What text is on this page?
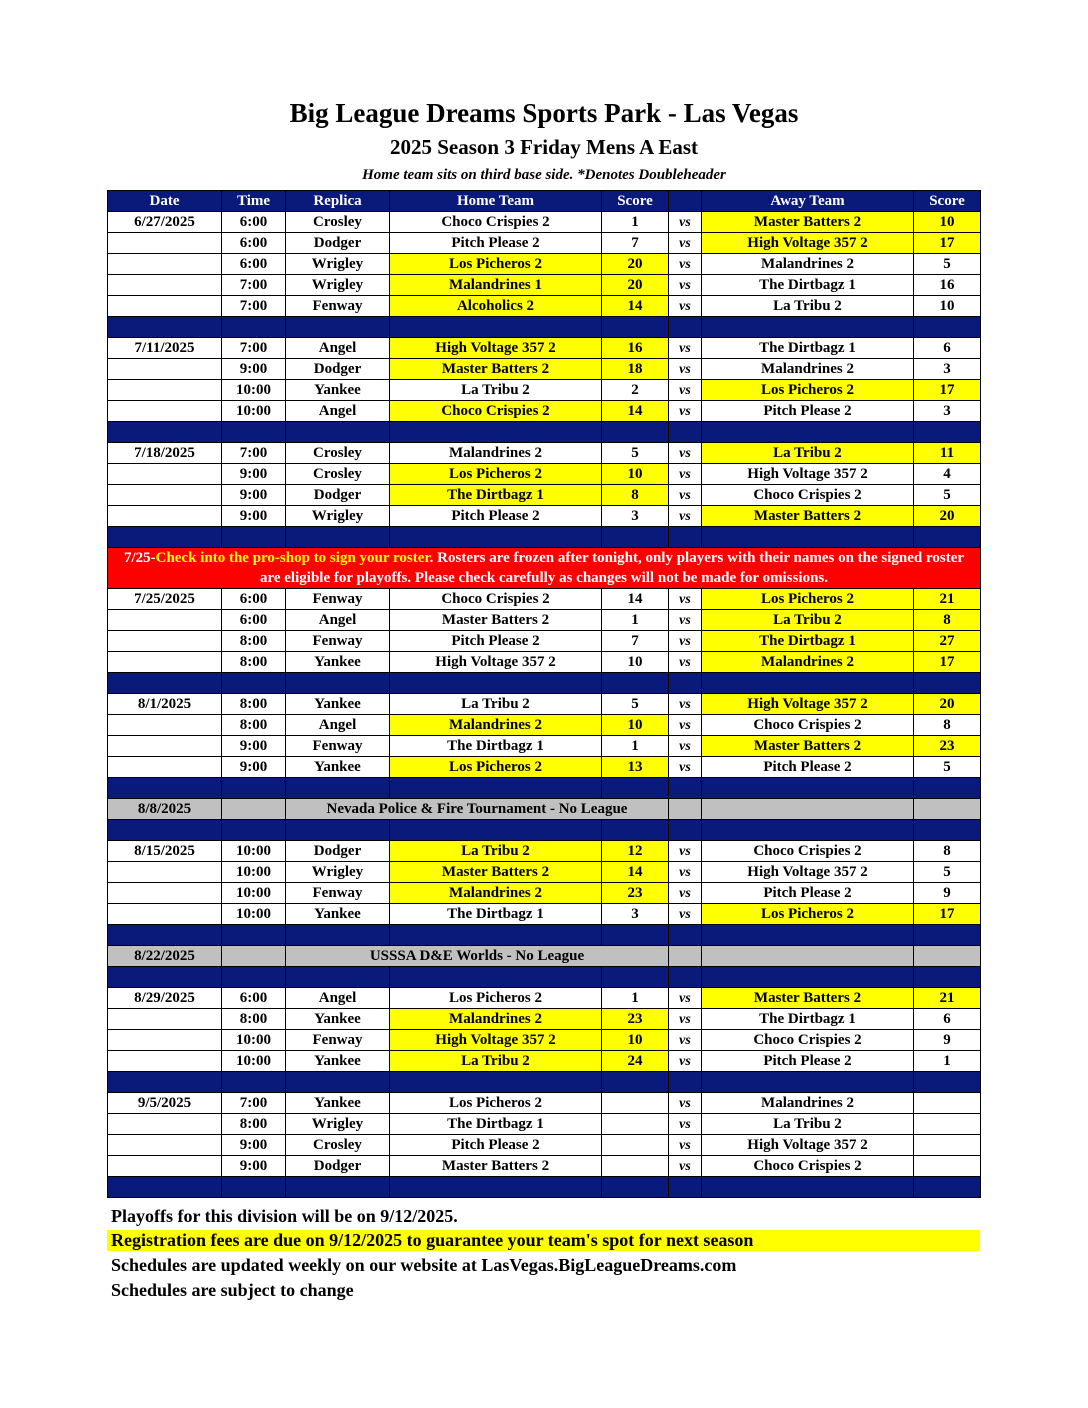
Big League Dreams Sports Park - Las Vegas
2025 Season 3 Friday Mens A East
Home team sits on third base side. *Denotes Doubleheader
Date	Time	Replica	Home Team	Score		Away Team	Score
6/27/2025	6:00	Crosley	Choco Crispies 2	1	vs	Master Batters 2	10
	6:00	Dodger	Pitch Please 2	7	vs	High Voltage 357 2	17
	6:00	Wrigley	Los Picheros 2	20	vs	Malandrines 2	5
	7:00	Wrigley	Malandrines 1	20	vs	The Dirtbagz 1	16
	7:00	Fenway	Alcoholics 2	14	vs	La Tribu 2	10

7/11/2025	7:00	Angel	High Voltage 357 2	16	vs	The Dirtbagz 1	6
	9:00	Dodger	Master Batters 2	18	vs	Malandrines 2	3
	10:00	Yankee	La Tribu 2	2	vs	Los Picheros 2	17
	10:00	Angel	Choco Crispies 2	14	vs	Pitch Please 2	3

7/18/2025	7:00	Crosley	Malandrines 2	5	vs	La Tribu 2	11
	9:00	Crosley	Los Picheros 2	10	vs	High Voltage 357 2	4
	9:00	Dodger	The Dirtbagz 1	8	vs	Choco Crispies 2	5
	9:00	Wrigley	Pitch Please 2	3	vs	Master Batters 2	20

7/25-Check into the pro-shop to sign your roster. Rosters are frozen after tonight, only players with their names on the signed roster are eligible for playoffs. Please check carefully as changes will not be made for omissions.							
7/25/2025	6:00	Fenway	Choco Crispies 2	14	vs	Los Picheros 2	21
	6:00	Angel	Master Batters 2	1	vs	La Tribu 2	8
	8:00	Fenway	Pitch Please 2	7	vs	The Dirtbagz 1	27
	8:00	Yankee	High Voltage 357 2	10	vs	Malandrines 2	17

8/1/2025	8:00	Yankee	La Tribu 2	5	vs	High Voltage 357 2	20
	8:00	Angel	Malandrines 2	10	vs	Choco Crispies 2	8
	9:00	Fenway	The Dirtbagz 1	1	vs	Master Batters 2	23
	9:00	Yankee	Los Picheros 2	13	vs	Pitch Please 2	5

8/8/2025		Nevada Police & Fire Tournament - No League					

8/15/2025	10:00	Dodger	La Tribu 2	12	vs	Choco Crispies 2	8
	10:00	Wrigley	Master Batters 2	14	vs	High Voltage 357 2	5
	10:00	Fenway	Malandrines 2	23	vs	Pitch Please 2	9
	10:00	Yankee	The Dirtbagz 1	3	vs	Los Picheros 2	17

8/22/2025		USSSA D&E Worlds - No League					

8/29/2025	6:00	Angel	Los Picheros 2	1	vs	Master Batters 2	21
	8:00	Yankee	Malandrines 2	23	vs	The Dirtbagz 1	6
	10:00	Fenway	High Voltage 357 2	10	vs	Choco Crispies 2	9
	10:00	Yankee	La Tribu 2	24	vs	Pitch Please 2	1

9/5/2025	7:00	Yankee	Los Picheros 2		vs	Malandrines 2	
	8:00	Wrigley	The Dirtbagz 1		vs	La Tribu 2	
	9:00	Crosley	Pitch Please 2		vs	High Voltage 357 2	
	9:00	Dodger	Master Batters 2		vs	Choco Crispies 2	

Playoffs for this division will be on 9/12/2025.
Registration fees are due on 9/12/2025 to guarantee your team's spot for next season
Schedules are updated weekly on our website at LasVegas.BigLeagueDreams.com
Schedules are subject to change
